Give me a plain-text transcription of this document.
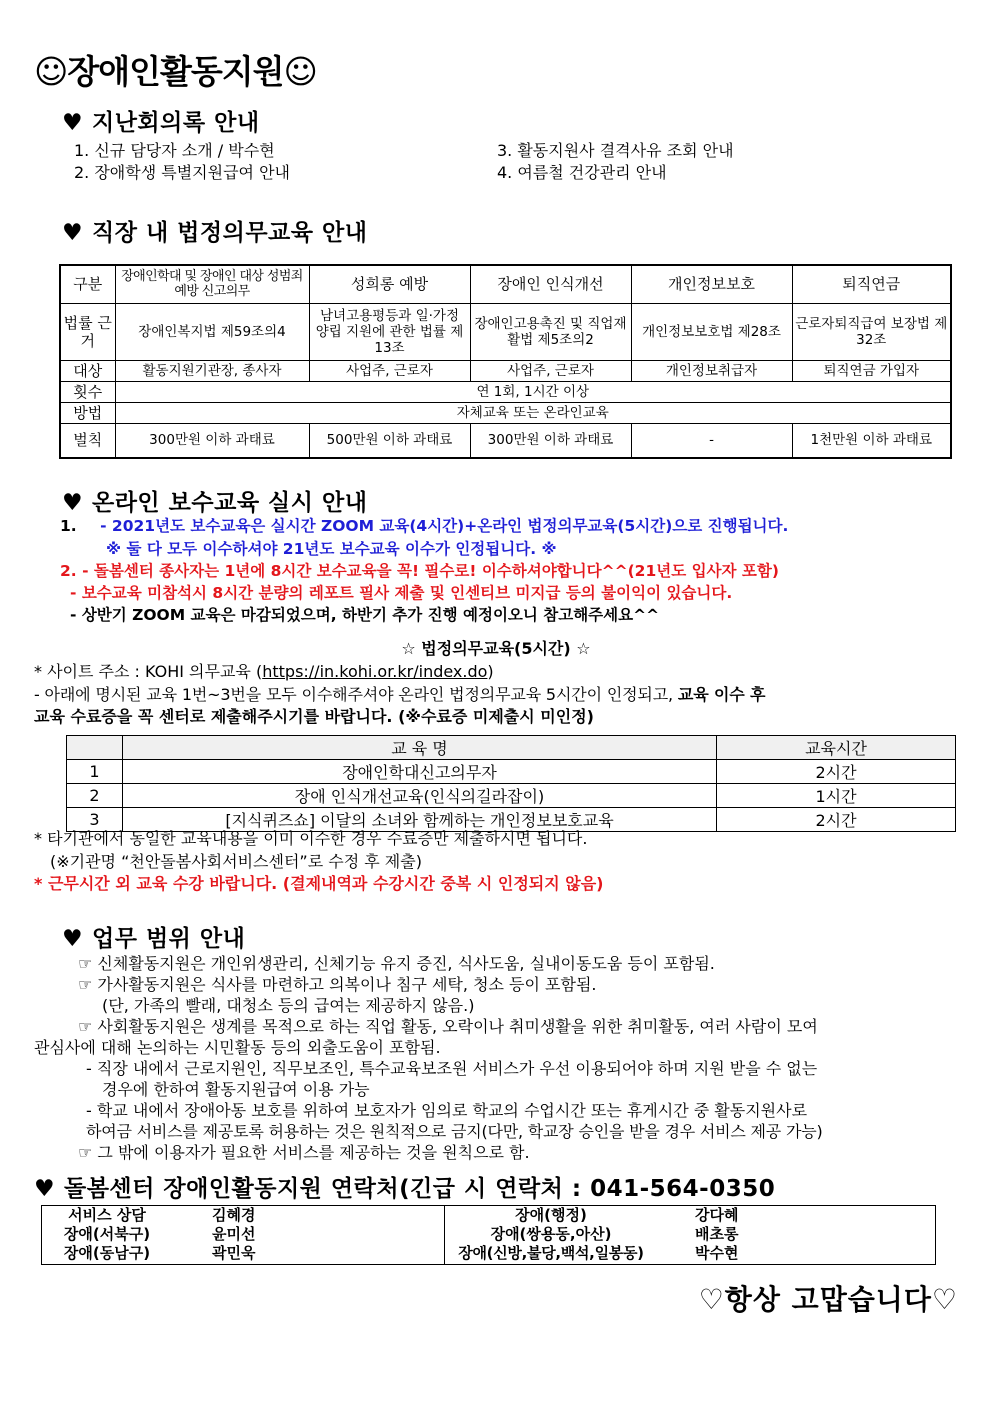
☺장애인활동지원☺
♥ 지난회의록 안내
1. 신규 담당자 소개 / 박수현
2. 장애학생 특별지원급여 안내
3. 활동지원사 결격사유 조회 안내
4. 여름철 건강관리 안내
♥ 직장 내 법정의무교육 안내
구분	장애인학대 및 장애인 대상 성범죄 예방 신고의무	성희롱 예방	장애인 인식개선	개인정보보호	퇴직연금
법률 근거	장애인복지법 제59조의4	남녀고용평등과 일·가정 양립 지원에 관한 법률 제13조	장애인고용촉진 및 직업재활법 제5조의2	개인정보보호법 제28조	근로자퇴직급여 보장법 제32조
대상	활동지원기관장, 종사자	사업주, 근로자	사업주, 근로자	개인정보취급자	퇴직연금 가입자
횟수	연 1회, 1시간 이상				
방법	자체교육 또는 온라인교육				
벌칙	300만원 이하 과태료	500만원 이하 과태료	300만원 이하 과태료	-	1천만원 이하 과태료
♥ 온라인 보수교육 실시 안내
1. - 2021년도 보수교육은 실시간 ZOOM 교육(4시간)+온라인 법정의무교육(5시간)으로 진행됩니다.
※ 둘 다 모두 이수하셔야 21년도 보수교육 이수가 인정됩니다. ※
2. - 돌봄센터 종사자는 1년에 8시간 보수교육을 꼭! 필수로! 이수하셔야합니다^^(21년도 입사자 포함)
- 보수교육 미참석시 8시간 분량의 레포트 필사 제출 및 인센티브 미지급 등의 불이익이 있습니다.
- 상반기 ZOOM 교육은 마감되었으며, 하반기 추가 진행 예정이오니 참고해주세요^^
☆ 법정의무교육(5시간) ☆
* 사이트 주소 : KOHI 의무교육 (https://in.kohi.or.kr/index.do)
- 아래에 명시된 교육 1번~3번을 모두 이수해주셔야 온라인 법정의무교육 5시간이 인정되고, 교육 이수 후
교육 수료증을 꼭 센터로 제출해주시기를 바랍니다. (※수료증 미제출시 미인정)
	교 육 명	교육시간
1	장애인학대신고의무자	2시간
2	장애 인식개선교육(인식의길라잡이)	1시간
3	[지식퀴즈쇼] 이달의 소녀와 함께하는 개인정보보호교육	2시간
* 타기관에서 동일한 교육내용을 이미 이수한 경우 수료증만 제출하시면 됩니다.
(※기관명 “천안돌봄사회서비스센터”로 수정 후 제출)
* 근무시간 외 교육 수강 바랍니다. (결제내역과 수강시간 중복 시 인정되지 않음)
♥ 업무 범위 안내
☞ 신체활동지원은 개인위생관리, 신체기능 유지 증진, 식사도움, 실내이동도움 등이 포함됨.
☞ 가사활동지원은 식사를 마련하고 의복이나 침구 세탁, 청소 등이 포함됨.
(단, 가족의 빨래, 대청소 등의 급여는 제공하지 않음.)
☞ 사회활동지원은 생계를 목적으로 하는 직업 활동, 오락이나 취미생활을 위한 취미활동, 여러 사람이 모여
관심사에 대해 논의하는 시민활동 등의 외출도움이 포함됨.
- 직장 내에서 근로지원인, 직무보조인, 특수교육보조원 서비스가 우선 이용되어야 하며 지원 받을 수 없는
경우에 한하여 활동지원급여 이용 가능
- 학교 내에서 장애아동 보호를 위하여 보호자가 임의로 학교의 수업시간 또는 휴게시간 중 활동지원사로
하여금 서비스를 제공토록 허용하는 것은 원칙적으로 금지(다만, 학교장 승인을 받을 경우 서비스 제공 가능)
☞ 그 밖에 이용자가 필요한 서비스를 제공하는 것을 원칙으로 함.
♥ 돌봄센터 장애인활동지원 연락처(긴급 시 연락처 : 041-564-0350
서비스 상담	김혜경
장애(서북구)	윤미선
장애(동남구)	곽민욱
장애(행정)	강다혜
장애(쌍용동,아산)	배초롱
장애(신방,불당,백석,일봉동)	박수현
♡항상 고맙습니다♡
